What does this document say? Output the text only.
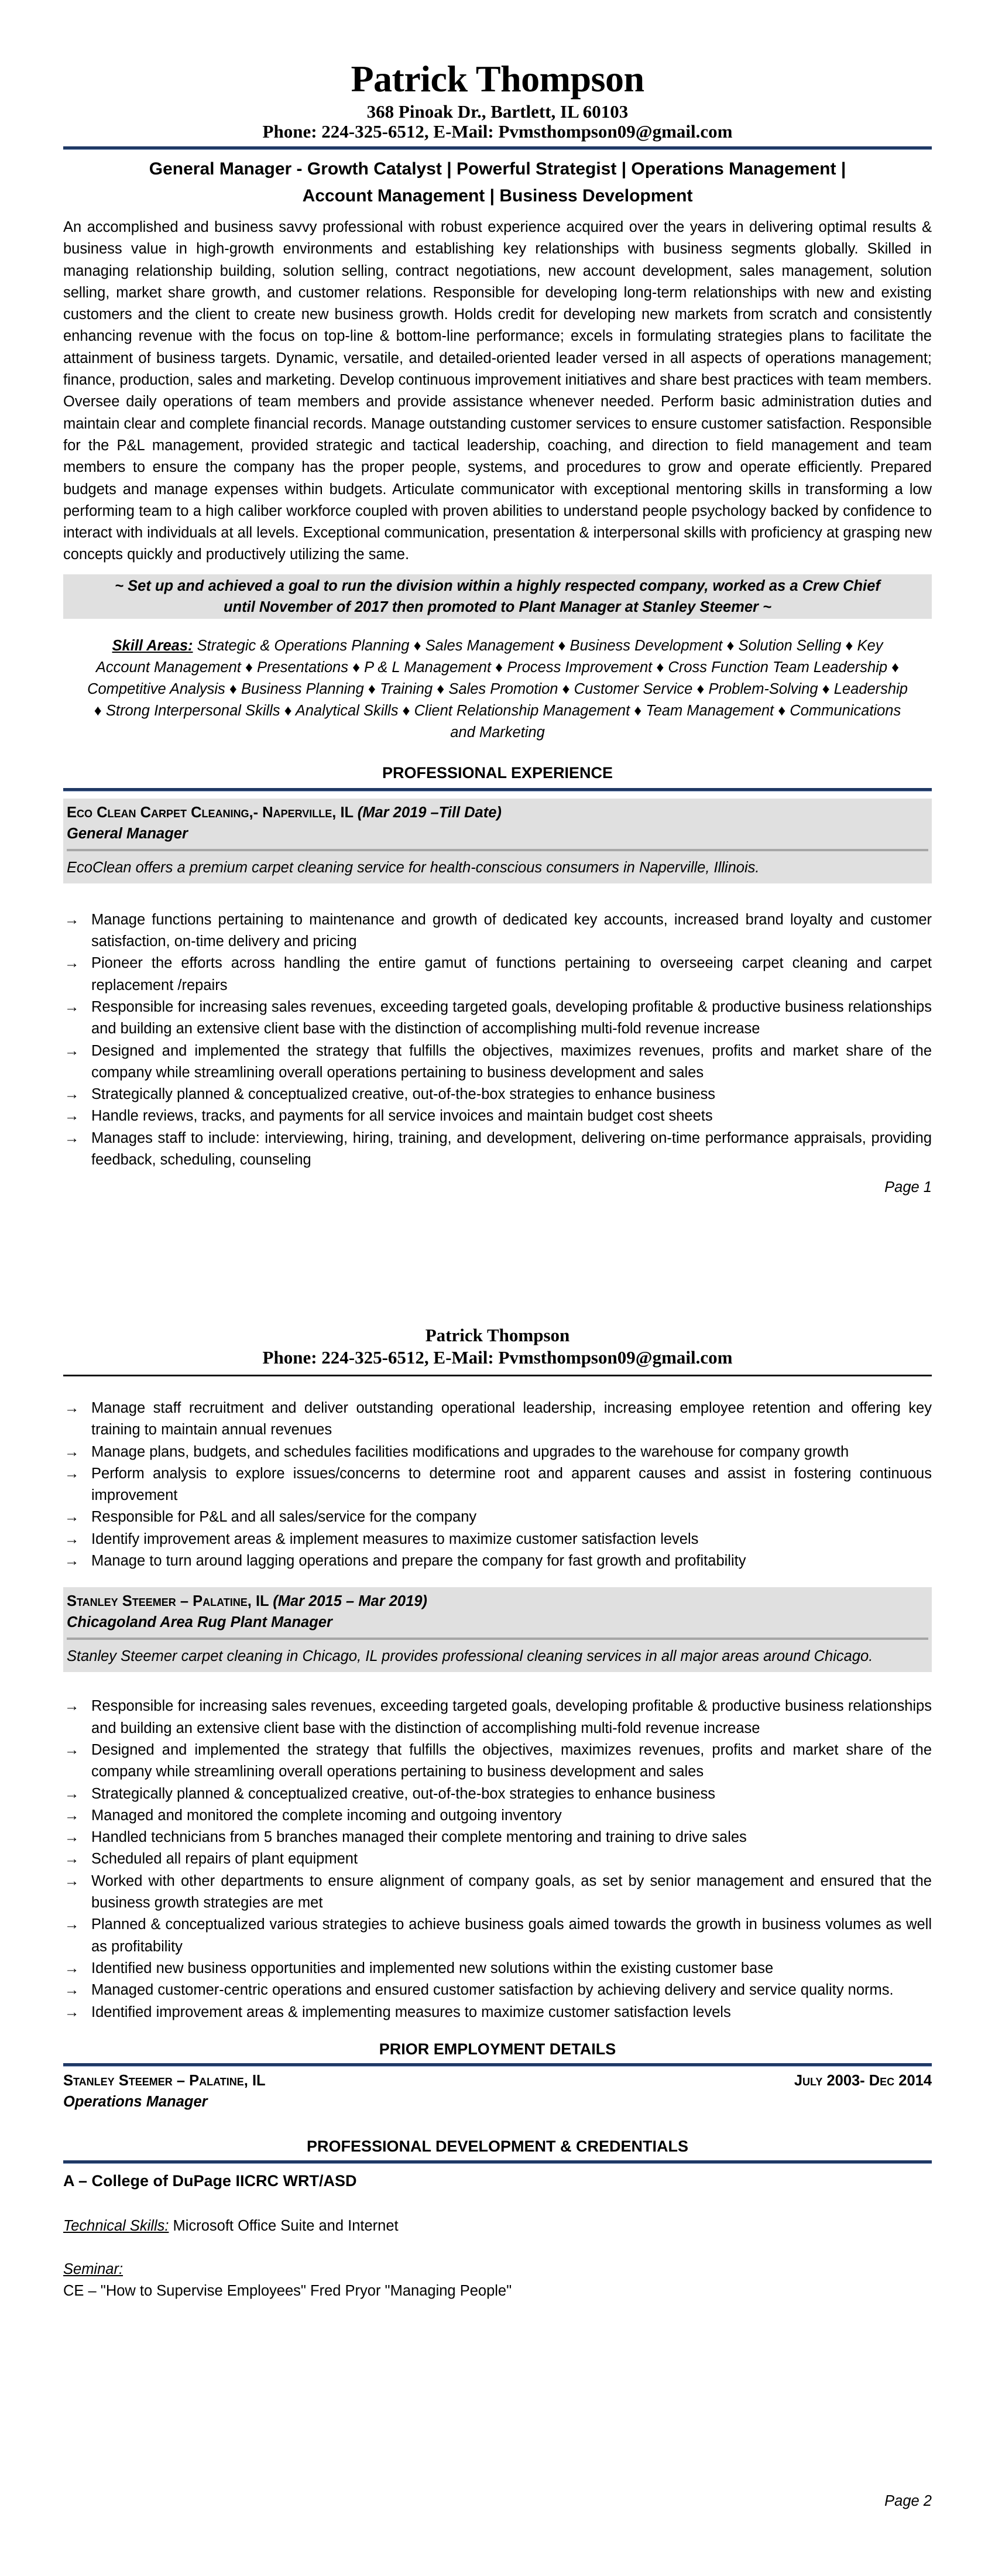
Patrick Thompson
368 Pinoak Dr., Bartlett, IL 60103
Phone: 224-325-6512, E-Mail: Pvmsthompson09@gmail.com
General Manager - Growth Catalyst | Powerful Strategist | Operations Management |
Account Management | Business Development
An accomplished and business savvy professional with robust experience acquired over the years in delivering optimal results & business value in high-growth environments and establishing key relationships with business segments globally. Skilled in managing relationship building, solution selling, contract negotiations, new account development, sales management, solution selling, market share growth, and customer relations. Responsible for developing long-term relationships with new and existing customers and the client to create new business growth. Holds credit for developing new markets from scratch and consistently enhancing revenue with the focus on top-line & bottom-line performance; excels in formulating strategies plans to facilitate the attainment of business targets. Dynamic, versatile, and detailed-oriented leader versed in all aspects of operations management; finance, production, sales and marketing. Develop continuous improvement initiatives and share best practices with team members. Oversee daily operations of team members and provide assistance whenever needed. Perform basic administration duties and maintain clear and complete financial records. Manage outstanding customer services to ensure customer satisfaction. Responsible for the P&L management, provided strategic and tactical leadership, coaching, and direction to field management and team members to ensure the company has the proper people, systems, and procedures to grow and operate efficiently. Prepared budgets and manage expenses within budgets. Articulate communicator with exceptional mentoring skills in transforming a low performing team to a high caliber workforce coupled with proven abilities to understand people psychology backed by confidence to interact with individuals at all levels. Exceptional communication, presentation & interpersonal skills with proficiency at grasping new concepts quickly and productively utilizing the same.
~ Set up and achieved a goal to run the division within a highly respected company, worked as a Crew Chief
until November of 2017 then promoted to Plant Manager at Stanley Steemer ~
Skill Areas: Strategic & Operations Planning ♦ Sales Management ♦ Business Development ♦ Solution Selling ♦ Key Account Management ♦ Presentations ♦ P & L Management ♦ Process Improvement ♦ Cross Function Team Leadership ♦ Competitive Analysis ♦ Business Planning ♦ Training ♦ Sales Promotion ♦ Customer Service ♦ Problem-Solving ♦ Leadership ♦ Strong Interpersonal Skills ♦ Analytical Skills ♦ Client Relationship Management ♦ Team Management ♦ Communications and Marketing
PROFESSIONAL EXPERIENCE
Eco Clean Carpet Cleaning,- Naperville, IL (Mar 2019 –Till Date)
General Manager
EcoClean offers a premium carpet cleaning service for health-conscious consumers in Naperville, Illinois.
→ Manage functions pertaining to maintenance and growth of dedicated key accounts, increased brand loyalty and customer satisfaction, on-time delivery and pricing
→ Pioneer the efforts across handling the entire gamut of functions pertaining to overseeing carpet cleaning and carpet replacement /repairs
→ Responsible for increasing sales revenues, exceeding targeted goals, developing profitable & productive business relationships and building an extensive client base with the distinction of accomplishing multi-fold revenue increase
→ Designed and implemented the strategy that fulfills the objectives, maximizes revenues, profits and market share of the company while streamlining overall operations pertaining to business development and sales
→ Strategically planned & conceptualized creative, out-of-the-box strategies to enhance business
→ Handle reviews, tracks, and payments for all service invoices and maintain budget cost sheets
→ Manages staff to include: interviewing, hiring, training, and development, delivering on-time performance appraisals, providing feedback, scheduling, counseling
Page 1
Patrick Thompson
Phone: 224-325-6512, E-Mail: Pvmsthompson09@gmail.com
→ Manage staff recruitment and deliver outstanding operational leadership, increasing employee retention and offering key training to maintain annual revenues
→ Manage plans, budgets, and schedules facilities modifications and upgrades to the warehouse for company growth
→ Perform analysis to explore issues/concerns to determine root and apparent causes and assist in fostering continuous improvement
→ Responsible for P&L and all sales/service for the company
→ Identify improvement areas & implement measures to maximize customer satisfaction levels
→ Manage to turn around lagging operations and prepare the company for fast growth and profitability
Stanley Steemer – Palatine, IL (Mar 2015 – Mar 2019)
Chicagoland Area Rug Plant Manager
Stanley Steemer carpet cleaning in Chicago, IL provides professional cleaning services in all major areas around Chicago.
→ Responsible for increasing sales revenues, exceeding targeted goals, developing profitable & productive business relationships and building an extensive client base with the distinction of accomplishing multi-fold revenue increase
→ Designed and implemented the strategy that fulfills the objectives, maximizes revenues, profits and market share of the company while streamlining overall operations pertaining to business development and sales
→ Strategically planned & conceptualized creative, out-of-the-box strategies to enhance business
→ Managed and monitored the complete incoming and outgoing inventory
→ Handled technicians from 5 branches managed their complete mentoring and training to drive sales
→ Scheduled all repairs of plant equipment
→ Worked with other departments to ensure alignment of company goals, as set by senior management and ensured that the business growth strategies are met
→ Planned & conceptualized various strategies to achieve business goals aimed towards the growth in business volumes as well as profitability
→ Identified new business opportunities and implemented new solutions within the existing customer base
→ Managed customer-centric operations and ensured customer satisfaction by achieving delivery and service quality norms.
→ Identified improvement areas & implementing measures to maximize customer satisfaction levels
PRIOR EMPLOYMENT DETAILS
Stanley Steemer – Palatine, IL	July 2003- Dec 2014
Operations Manager
PROFESSIONAL DEVELOPMENT & CREDENTIALS
A – College of DuPage IICRC WRT/ASD
Technical Skills: Microsoft Office Suite and Internet
Seminar:
CE – "How to Supervise Employees" Fred Pryor "Managing People"
Page 2
